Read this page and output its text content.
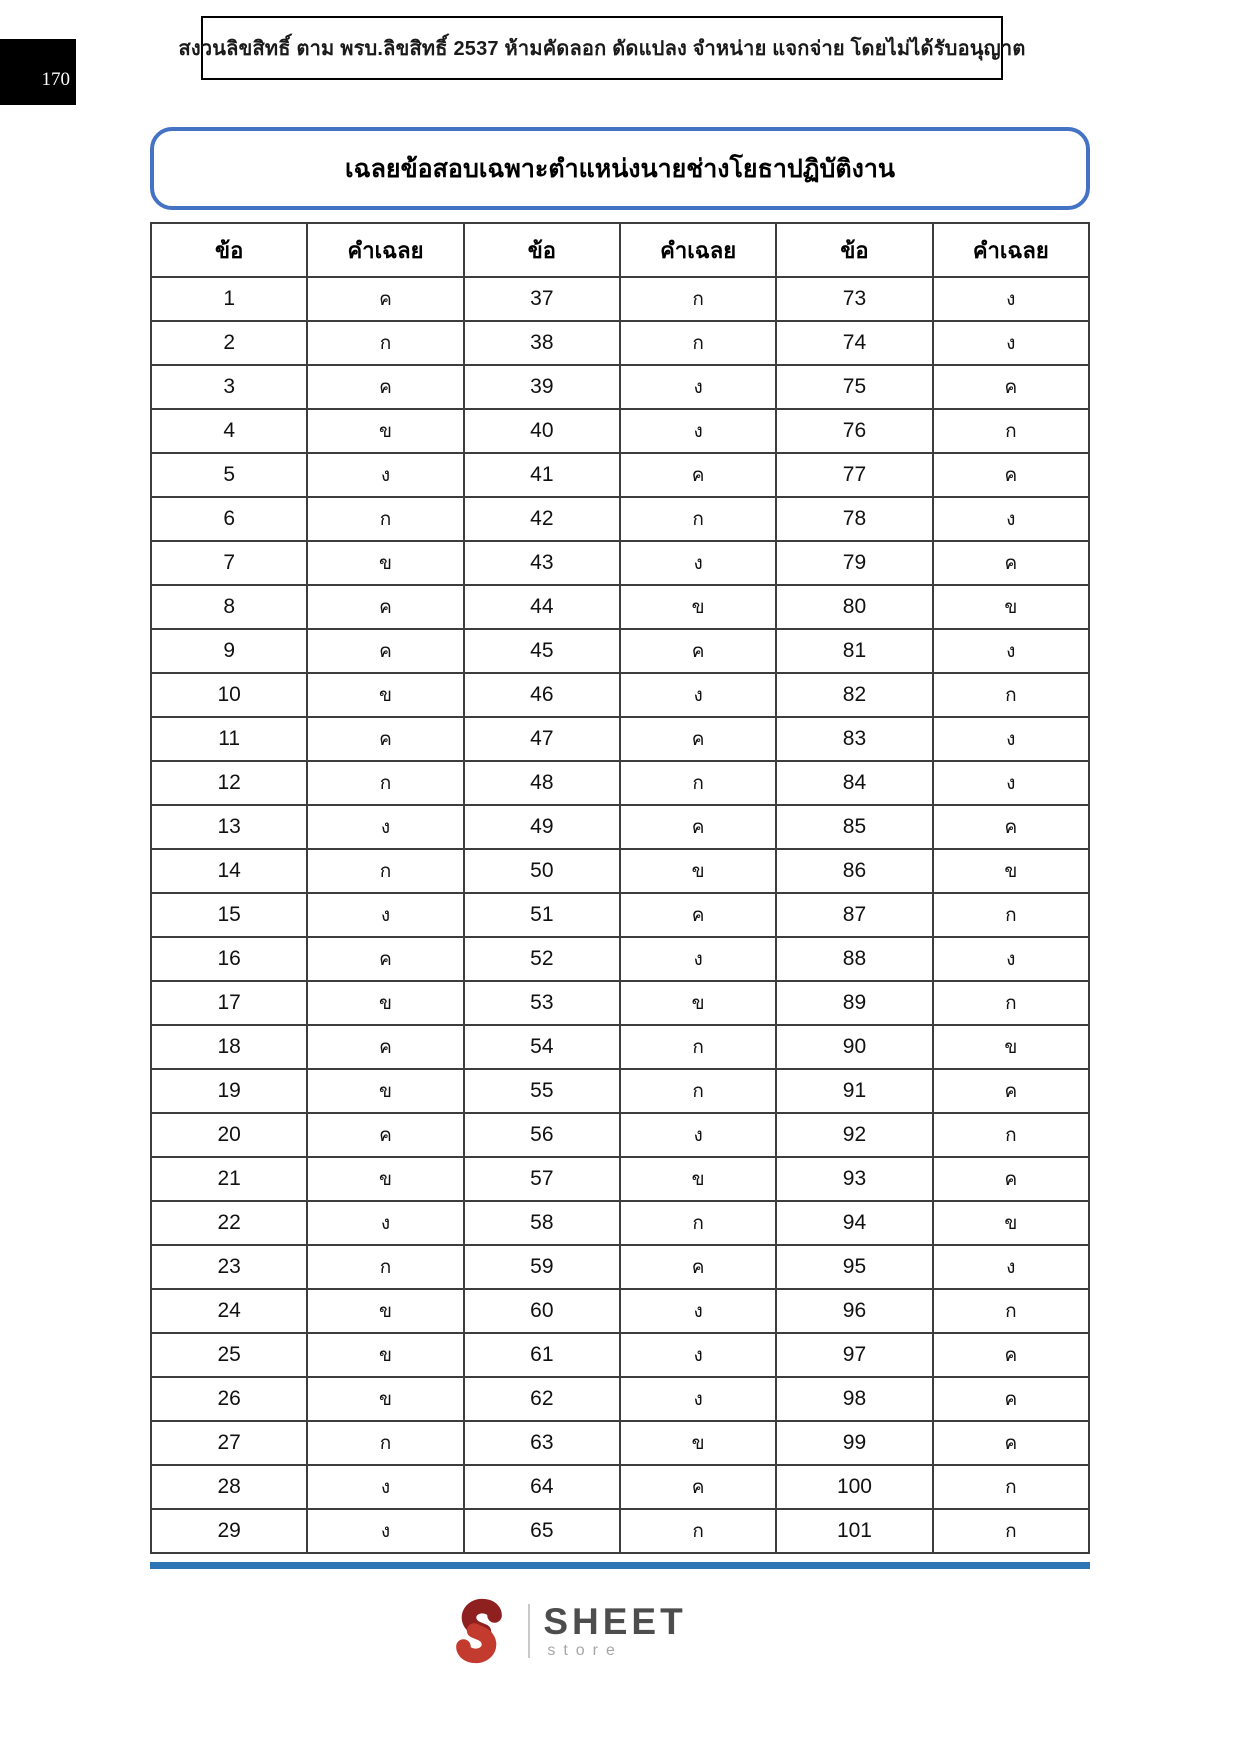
170
สงวนลิขสิทธิ์ ตาม พรบ.ลิขสิทธิ์ 2537 ห้ามคัดลอก ดัดแปลง จำหน่าย แจกจ่าย โดยไม่ได้รับอนุญาต
เฉลยข้อสอบเฉพาะตำแหน่งนายช่างโยธาปฏิบัติงาน
ข้อ	คำเฉลย	ข้อ	คำเฉลย	ข้อ	คำเฉลย
1	ค	37	ก	73	ง
2	ก	38	ก	74	ง
3	ค	39	ง	75	ค
4	ข	40	ง	76	ก
5	ง	41	ค	77	ค
6	ก	42	ก	78	ง
7	ข	43	ง	79	ค
8	ค	44	ข	80	ข
9	ค	45	ค	81	ง
10	ข	46	ง	82	ก
11	ค	47	ค	83	ง
12	ก	48	ก	84	ง
13	ง	49	ค	85	ค
14	ก	50	ข	86	ข
15	ง	51	ค	87	ก
16	ค	52	ง	88	ง
17	ข	53	ข	89	ก
18	ค	54	ก	90	ข
19	ข	55	ก	91	ค
20	ค	56	ง	92	ก
21	ข	57	ข	93	ค
22	ง	58	ก	94	ข
23	ก	59	ค	95	ง
24	ข	60	ง	96	ก
25	ข	61	ง	97	ค
26	ข	62	ง	98	ค
27	ก	63	ข	99	ค
28	ง	64	ค	100	ก
29	ง	65	ก	101	ก
SHEET
store
